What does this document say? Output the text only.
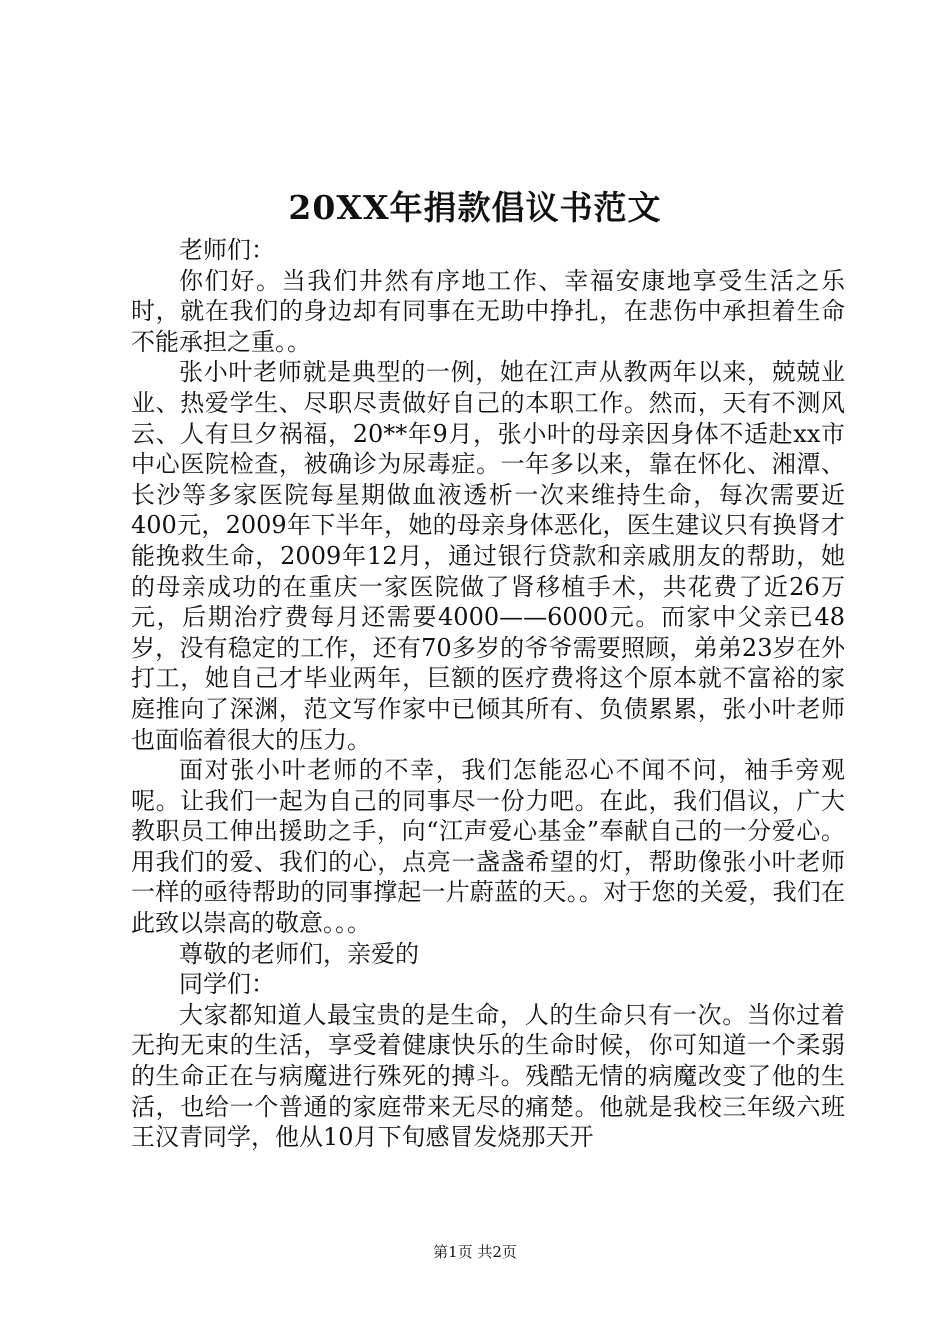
20XX年捐款倡议书范文

老师们：

你们好。当我们井然有序地工作、幸福安康地享受生活之乐时，就在我们的身边却有同事在无助中挣扎，在悲伤中承担着生命不能承担之重。。

张小叶老师就是典型的一例，她在江声从教两年以来，兢兢业业、热爱学生、尽职尽责做好自己的本职工作。然而，天有不测风云、人有旦夕祸福，20**年9月，张小叶的母亲因身体不适赴xx市中心医院检查，被确诊为尿毒症。一年多以来，靠在怀化、湘潭、长沙等多家医院每星期做血液透析一次来维持生命，每次需要近400元，2009年下半年，她的母亲身体恶化，医生建议只有换肾才能挽救生命，2009年12月，通过银行贷款和亲戚朋友的帮助，她的母亲成功的在重庆一家医院做了肾移植手术，共花费了近26万元，后期治疗费每月还需要4000——6000元。而家中父亲已48岁，没有稳定的工作，还有70多岁的爷爷需要照顾，弟弟23岁在外打工，她自己才毕业两年，巨额的医疗费将这个原本就不富裕的家庭推向了深渊，范文写作家中已倾其所有、负债累累，张小叶老师也面临着很大的压力。

面对张小叶老师的不幸，我们怎能忍心不闻不问，袖手旁观呢。让我们一起为自己的同事尽一份力吧。在此，我们倡议，广大教职员工伸出援助之手，向“江声爱心基金”奉献自己的一分爱心。用我们的爱、我们的心，点亮一盏盏希望的灯，帮助像张小叶老师一样的亟待帮助的同事撑起一片蔚蓝的天。。对于您的关爱，我们在此致以崇高的敬意。。。

尊敬的老师们，亲爱的

同学们：

大家都知道人最宝贵的是生命，人的生命只有一次。当你过着无拘无束的生活，享受着健康快乐的生命时候，你可知道一个柔弱的生命正在与病魔进行殊死的搏斗。残酷无情的病魔改变了他的生活，也给一个普通的家庭带来无尽的痛楚。他就是我校三年级六班王汉青同学，他从10月下旬感冒发烧那天开

第1页 共2页
